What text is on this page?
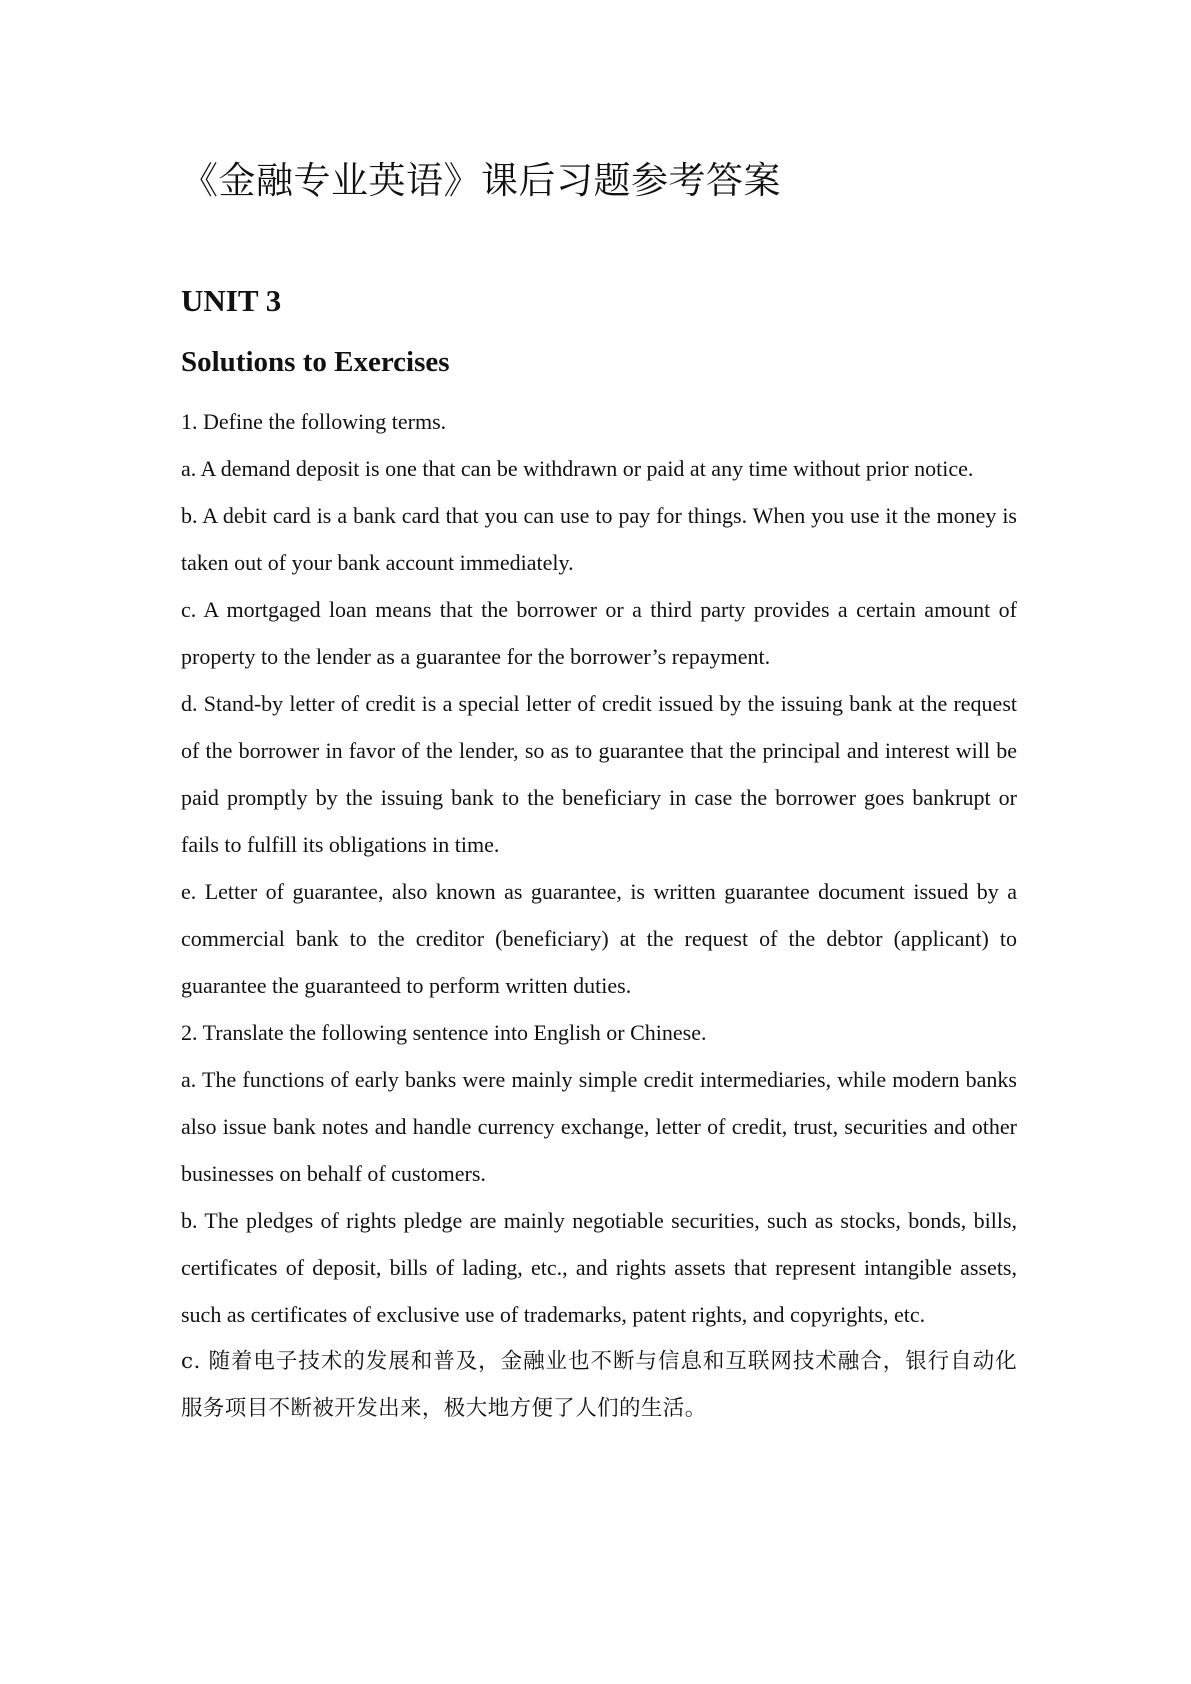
《金融专业英语》课后习题参考答案
UNIT 3
Solutions to Exercises

1. Define the following terms.

a. A demand deposit is one that can be withdrawn or paid at any time without prior notice.

b. A debit card is a bank card that you can use to pay for things. When you use it the money is taken out of your bank account immediately.

c. A mortgaged loan means that the borrower or a third party provides a certain amount of property to the lender as a guarantee for the borrower’s repayment.

d. Stand-by letter of credit is a special letter of credit issued by the issuing bank at the request of the borrower in favor of the lender, so as to guarantee that the principal and interest will be paid promptly by the issuing bank to the beneficiary in case the borrower goes bankrupt or fails to fulfill its obligations in time.

e. Letter of guarantee, also known as guarantee, is written guarantee document issued by a commercial bank to the creditor (beneficiary) at the request of the debtor (applicant) to guarantee the guaranteed to perform written duties.

2. Translate the following sentence into English or Chinese.

a. The functions of early banks were mainly simple credit intermediaries, while modern banks also issue bank notes and handle currency exchange, letter of credit, trust, securities and other businesses on behalf of customers.

b. The pledges of rights pledge are mainly negotiable securities, such as stocks, bonds, bills, certificates of deposit, bills of lading, etc., and rights assets that represent intangible assets, such as certificates of exclusive use of trademarks, patent rights, and copyrights, etc.

c. 随着电子技术的发展和普及，金融业也不断与信息和互联网技术融合，银行自动化服务项目不断被开发出来，极大地方便了人们的生活。
